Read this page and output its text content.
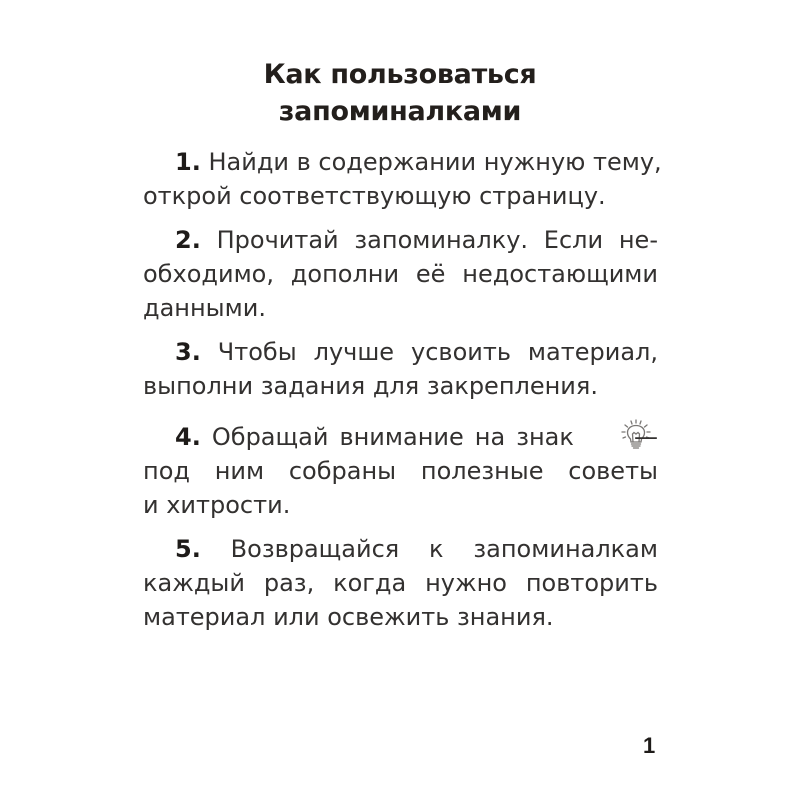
Как пользоваться
запоминалками
1. Найди в содержании нужную тему,
открой соответствующую страницу.
2. Прочитай запоминалку. Если не-
обходимо, дополни её недостающими
данными.
3. Чтобы лучше усвоить материал,
выполни задания для закрепления.
4. Обращай внимание на знак	—
под ним собраны полезные советы
и хитрости.
5. Возвращайся к запоминалкам
каждый раз, когда нужно повторить
материал или освежить знания.
1
